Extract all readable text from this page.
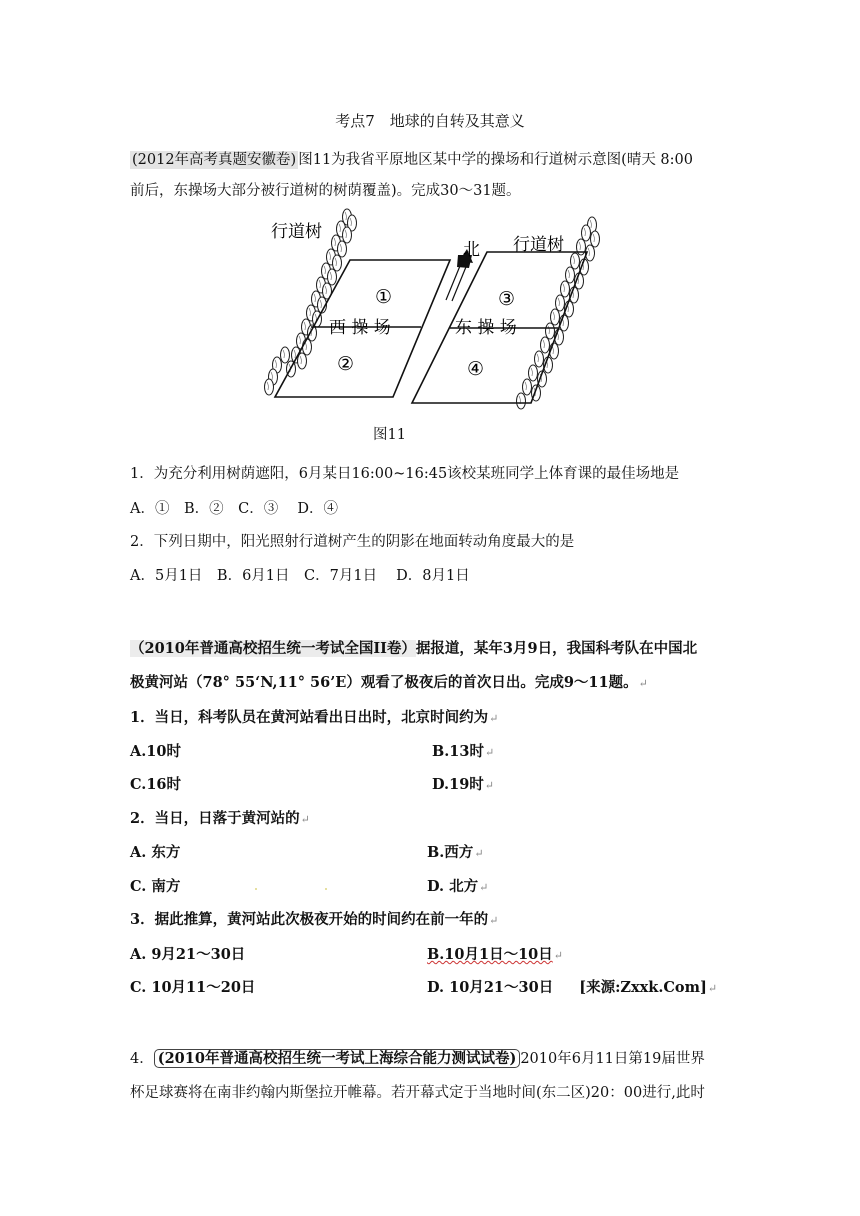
考点7　地球的自转及其意义
(2012年高考真题安徽卷) 图11为我省平原地区某中学的操场和行道树示意图(晴天 8:00
前后，东操场大部分被行道树的树荫覆盖)。完成30～31题。
行道树
行道树
北
西 操 场	东 操 场
①
②
③
④
图11
1．为充分利用树荫遮阳，6月某日16:00~16:45该校某班同学上体育课的最佳场地是
A．①　B．②　C．③　 D．④
2．下列日期中，阳光照射行道树产生的阴影在地面转动角度最大的是
A．5月1日　B．6月1日　C．7月1日　 D．8月1日
（2010年普通高校招生统一考试全国II卷）据报道，某年3月9日，我国科考队在中国北
极黄河站（78° 55‘N,11° 56’E）观看了极夜后的首次日出。完成9～11题。↵
1．当日，科考队员在黄河站看出日出时，北京时间约为↵
A.10时	B.13时↵
C.16时	D.19时↵
2．当日，日落于黄河站的↵
A. 东方	B.西方↵
C. 南方	D. 北方↵
3．据此推算，黄河站此次极夜开始的时间约在前一年的↵
A. 9月21～30日	B.10月1日～10日↵
C. 10月11～20日	D. 10月21～30日 [来源:Zxxk.Com]↵
4． (2010年普通高校招生统一考试上海综合能力测试试卷) 2010年6月11日第19届世界
杯足球赛将在南非约翰内斯堡拉开帷幕。若开幕式定于当地时间(东二区)20：00进行,此时
